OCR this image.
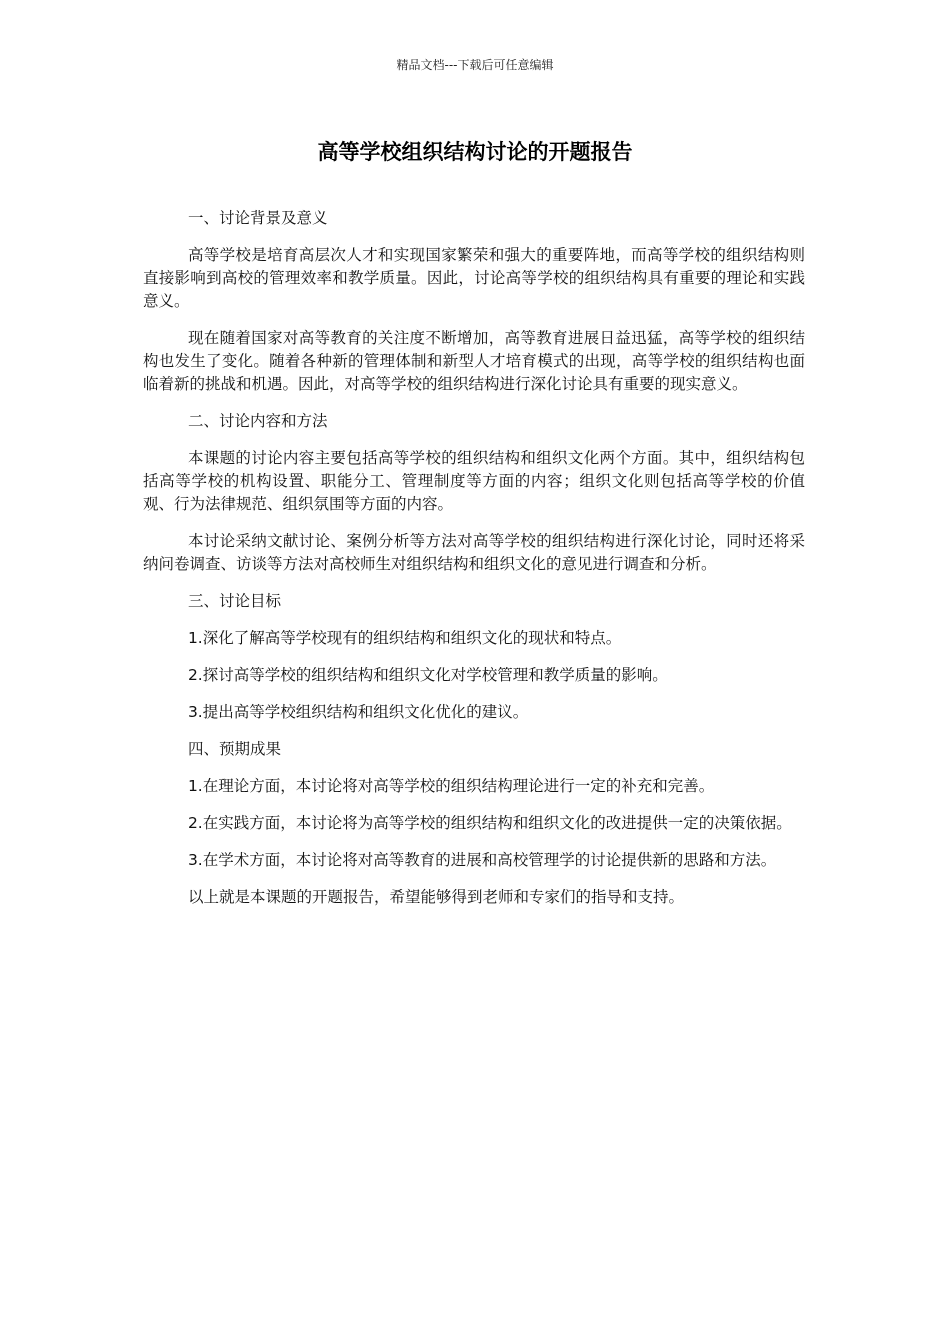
精品文档---下载后可任意编辑
高等学校组织结构讨论的开题报告

一、讨论背景及意义

高等学校是培育高层次人才和实现国家繁荣和强大的重要阵地，而高等学校的组织结构则直接影响到高校的管理效率和教学质量。因此，讨论高等学校的组织结构具有重要的理论和实践意义。

现在随着国家对高等教育的关注度不断增加，高等教育进展日益迅猛，高等学校的组织结构也发生了变化。随着各种新的管理体制和新型人才培育模式的出现，高等学校的组织结构也面临着新的挑战和机遇。因此，对高等学校的组织结构进行深化讨论具有重要的现实意义。

二、讨论内容和方法

本课题的讨论内容主要包括高等学校的组织结构和组织文化两个方面。其中，组织结构包括高等学校的机构设置、职能分工、管理制度等方面的内容；组织文化则包括高等学校的价值观、行为法律规范、组织氛围等方面的内容。

本讨论采纳文献讨论、案例分析等方法对高等学校的组织结构进行深化讨论，同时还将采纳问卷调查、访谈等方法对高校师生对组织结构和组织文化的意见进行调查和分析。

三、讨论目标

1.深化了解高等学校现有的组织结构和组织文化的现状和特点。

2.探讨高等学校的组织结构和组织文化对学校管理和教学质量的影响。

3.提出高等学校组织结构和组织文化优化的建议。

四、预期成果

1.在理论方面，本讨论将对高等学校的组织结构理论进行一定的补充和完善。

2.在实践方面，本讨论将为高等学校的组织结构和组织文化的改进提供一定的决策依据。

3.在学术方面，本讨论将对高等教育的进展和高校管理学的讨论提供新的思路和方法。

以上就是本课题的开题报告，希望能够得到老师和专家们的指导和支持。
